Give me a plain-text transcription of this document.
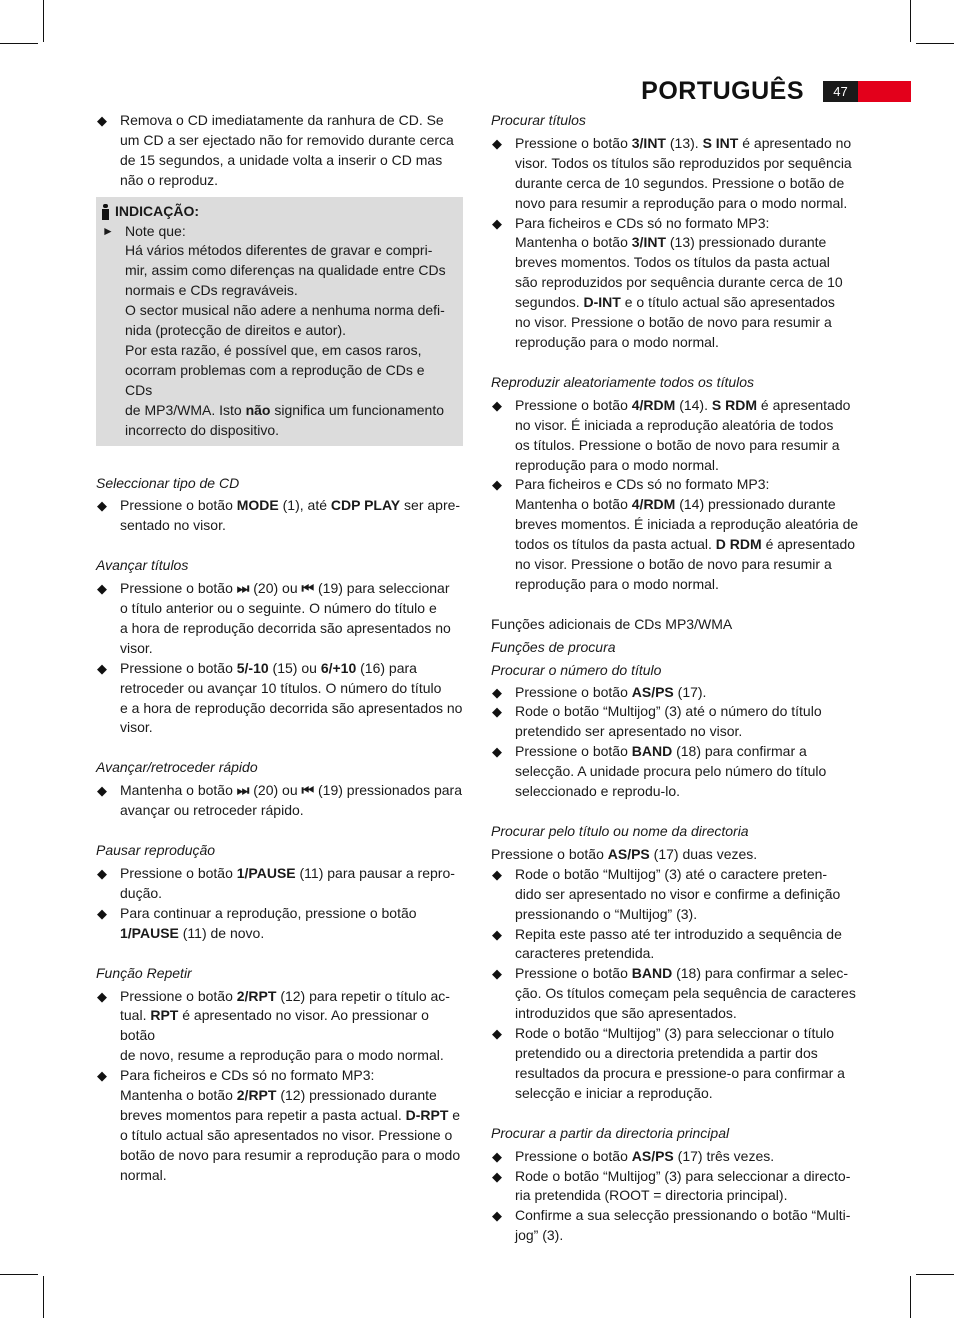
PORTUGUÊS	47
◆ Remova o CD imediatamente da ranhura de CD. Se um CD a ser ejectado não for removido durante cerca de 15 segundos, a unidade volta a inserir o CD mas não o reproduz.

INDICAÇÃO:
► Note que:
Há vários métodos diferentes de gravar e compri-
mir, assim como diferenças na qualidade entre CDs
normais e CDs regraváveis.
O sector musical não adere a nenhuma norma defi-
nida (protecção de direitos e autor).
Por esta razão, é possível que, em casos raros,
ocorram problemas com a reprodução de CDs e CDs
de MP3/WMA. Isto não significa um funcionamento
incorrecto do dispositivo.

Seleccionar tipo de CD

◆ Pressione o botão MODE (1), até CDP PLAY ser apre-
sentado no visor.

Avançar títulos

◆ Pressione o botão ⏭ (20) ou ⏮ (19) para seleccionar
o título anterior ou o seguinte. O número do título e
a hora de reprodução decorrida são apresentados no
visor.
◆ Pressione o botão 5/-10 (15) ou 6/+10 (16) para
retroceder ou avançar 10 títulos. O número do título
e a hora de reprodução decorrida são apresentados no
visor.

Avançar/retroceder rápido

◆ Mantenha o botão ⏭ (20) ou ⏮ (19) pressionados para
avançar ou retroceder rápido.

Pausar reprodução

◆ Pressione o botão 1/PAUSE (11) para pausar a repro-
dução.
◆ Para continuar a reprodução, pressione o botão
1/PAUSE (11) de novo.

Função Repetir

◆ Pressione o botão 2/RPT (12) para repetir o título ac-
tual. RPT é apresentado no visor. Ao pressionar o botão
de novo, resume a reprodução para o modo normal.
◆ Para ficheiros e CDs só no formato MP3:
Mantenha o botão 2/RPT (12) pressionado durante
breves momentos para repetir a pasta actual. D-RPT e
o título actual são apresentados no visor. Pressione o
botão de novo para resumir a reprodução para o modo
normal.

Procurar títulos

◆ Pressione o botão 3/INT (13). S INT é apresentado no
visor. Todos os títulos são reproduzidos por sequência
durante cerca de 10 segundos. Pressione o botão de
novo para resumir a reprodução para o modo normal.
◆ Para ficheiros e CDs só no formato MP3:
Mantenha o botão 3/INT (13) pressionado durante
breves momentos. Todos os títulos da pasta actual
são reproduzidos por sequência durante cerca de 10
segundos. D-INT e o título actual são apresentados
no visor. Pressione o botão de novo para resumir a
reprodução para o modo normal.

Reproduzir aleatoriamente todos os títulos

◆ Pressione o botão 4/RDM (14). S RDM é apresentado
no visor. É iniciada a reprodução aleatória de todos
os títulos. Pressione o botão de novo para resumir a
reprodução para o modo normal.
◆ Para ficheiros e CDs só no formato MP3:
Mantenha o botão 4/RDM (14) pressionado durante
breves momentos. É iniciada a reprodução aleatória de
todos os títulos da pasta actual. D RDM é apresentado
no visor. Pressione o botão de novo para resumir a
reprodução para o modo normal.

Funções adicionais de CDs MP3/WMA

Funções de procura

Procurar o número do título

◆ Pressione o botão AS/PS (17).
◆ Rode o botão “Multijog” (3) até o número do título
pretendido ser apresentado no visor.
◆ Pressione o botão BAND (18) para confirmar a
selecção. A unidade procura pelo número do título
seleccionado e reprodu-lo.

Procurar pelo título ou nome da directoria

Pressione o botão AS/PS (17) duas vezes.
◆ Rode o botão “Multijog” (3) até o caractere preten-
dido ser apresentado no visor e confirme a definição
pressionando o “Multijog” (3).
◆ Repita este passo até ter introduzido a sequência de
caracteres pretendida.
◆ Pressione o botão BAND (18) para confirmar a selec-
ção. Os títulos começam pela sequência de caracteres
introduzidos que são apresentados.
◆ Rode o botão “Multijog” (3) para seleccionar o título
pretendido ou a directoria pretendida a partir dos
resultados da procura e pressione-o para confirmar a
selecção e iniciar a reprodução.

Procurar a partir da directoria principal

◆ Pressione o botão AS/PS (17) três vezes.
◆ Rode o botão “Multijog” (3) para seleccionar a directo-
ria pretendida (ROOT = directoria principal).
◆ Confirme a sua selecção pressionando o botão “Multi-
jog” (3).
